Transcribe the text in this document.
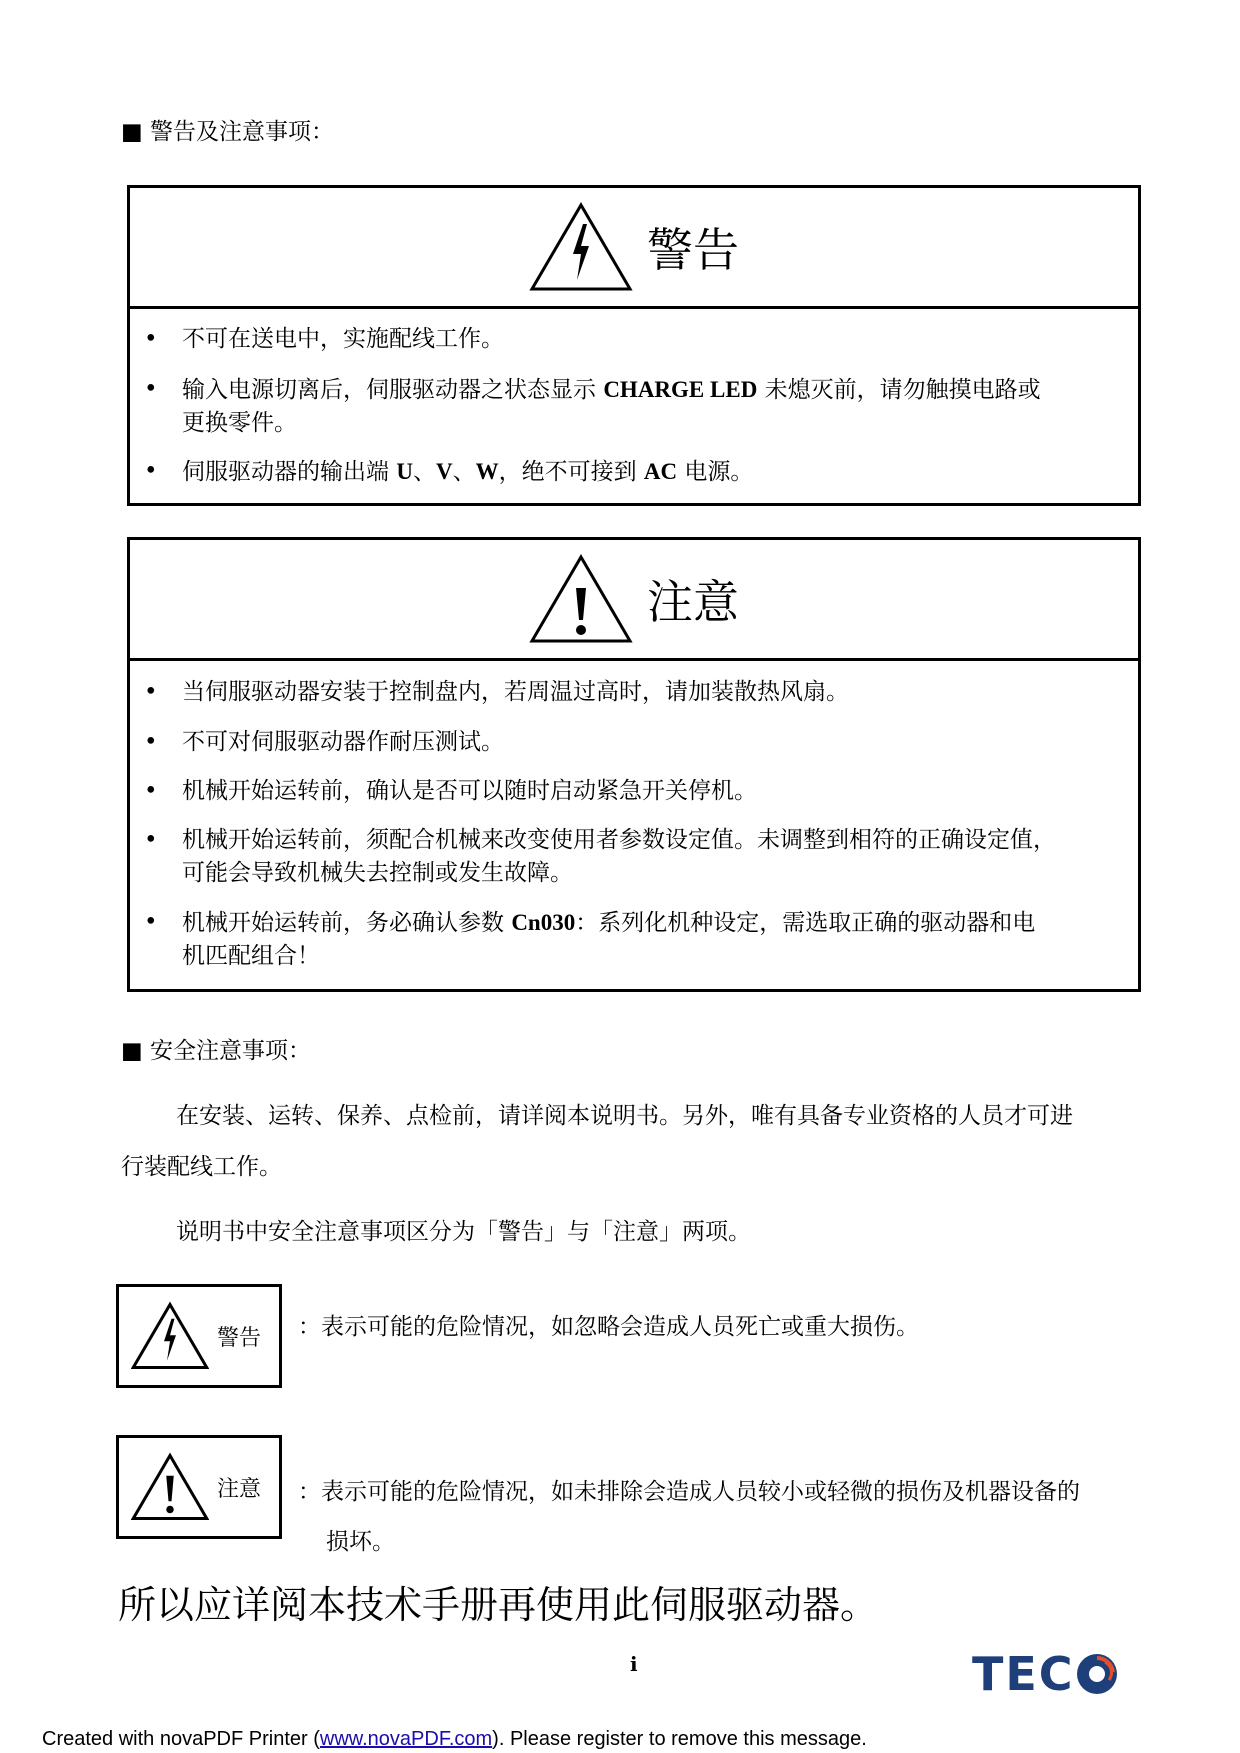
■ 警告及注意事项：
警告
• 不可在送电中，实施配线工作。
• 输入电源切离后，伺服驱动器之状态显示 CHARGE LED 未熄灭前，请勿触摸电路或
更换零件。
• 伺服驱动器的输出端 U、V、W，绝不可接到 AC 电源。
注意
• 当伺服驱动器安装于控制盘内，若周温过高时，请加装散热风扇。
• 不可对伺服驱动器作耐压测试。
• 机械开始运转前，确认是否可以随时启动紧急开关停机。
• 机械开始运转前，须配合机械来改变使用者参数设定值。未调整到相符的正确设定值，
可能会导致机械失去控制或发生故障。
• 机械开始运转前，务必确认参数 Cn030：系列化机种设定，需选取正确的驱动器和电
机匹配组合！
■ 安全注意事项：
在安装、运转、保养、点检前，请详阅本说明书。另外，唯有具备专业资格的人员才可进
行装配线工作。
说明书中安全注意事项区分为「警告」与「注意」两项。
警告 ：表示可能的危险情况，如忽略会造成人员死亡或重大损伤。
注意 ：表示可能的危险情况，如未排除会造成人员较小或轻微的损伤及机器设备的
损坏。
所以应详阅本技术手册再使用此伺服驱动器。
i	TEC
Created with novaPDF Printer (www.novaPDF.com). Please register to remove this message.
